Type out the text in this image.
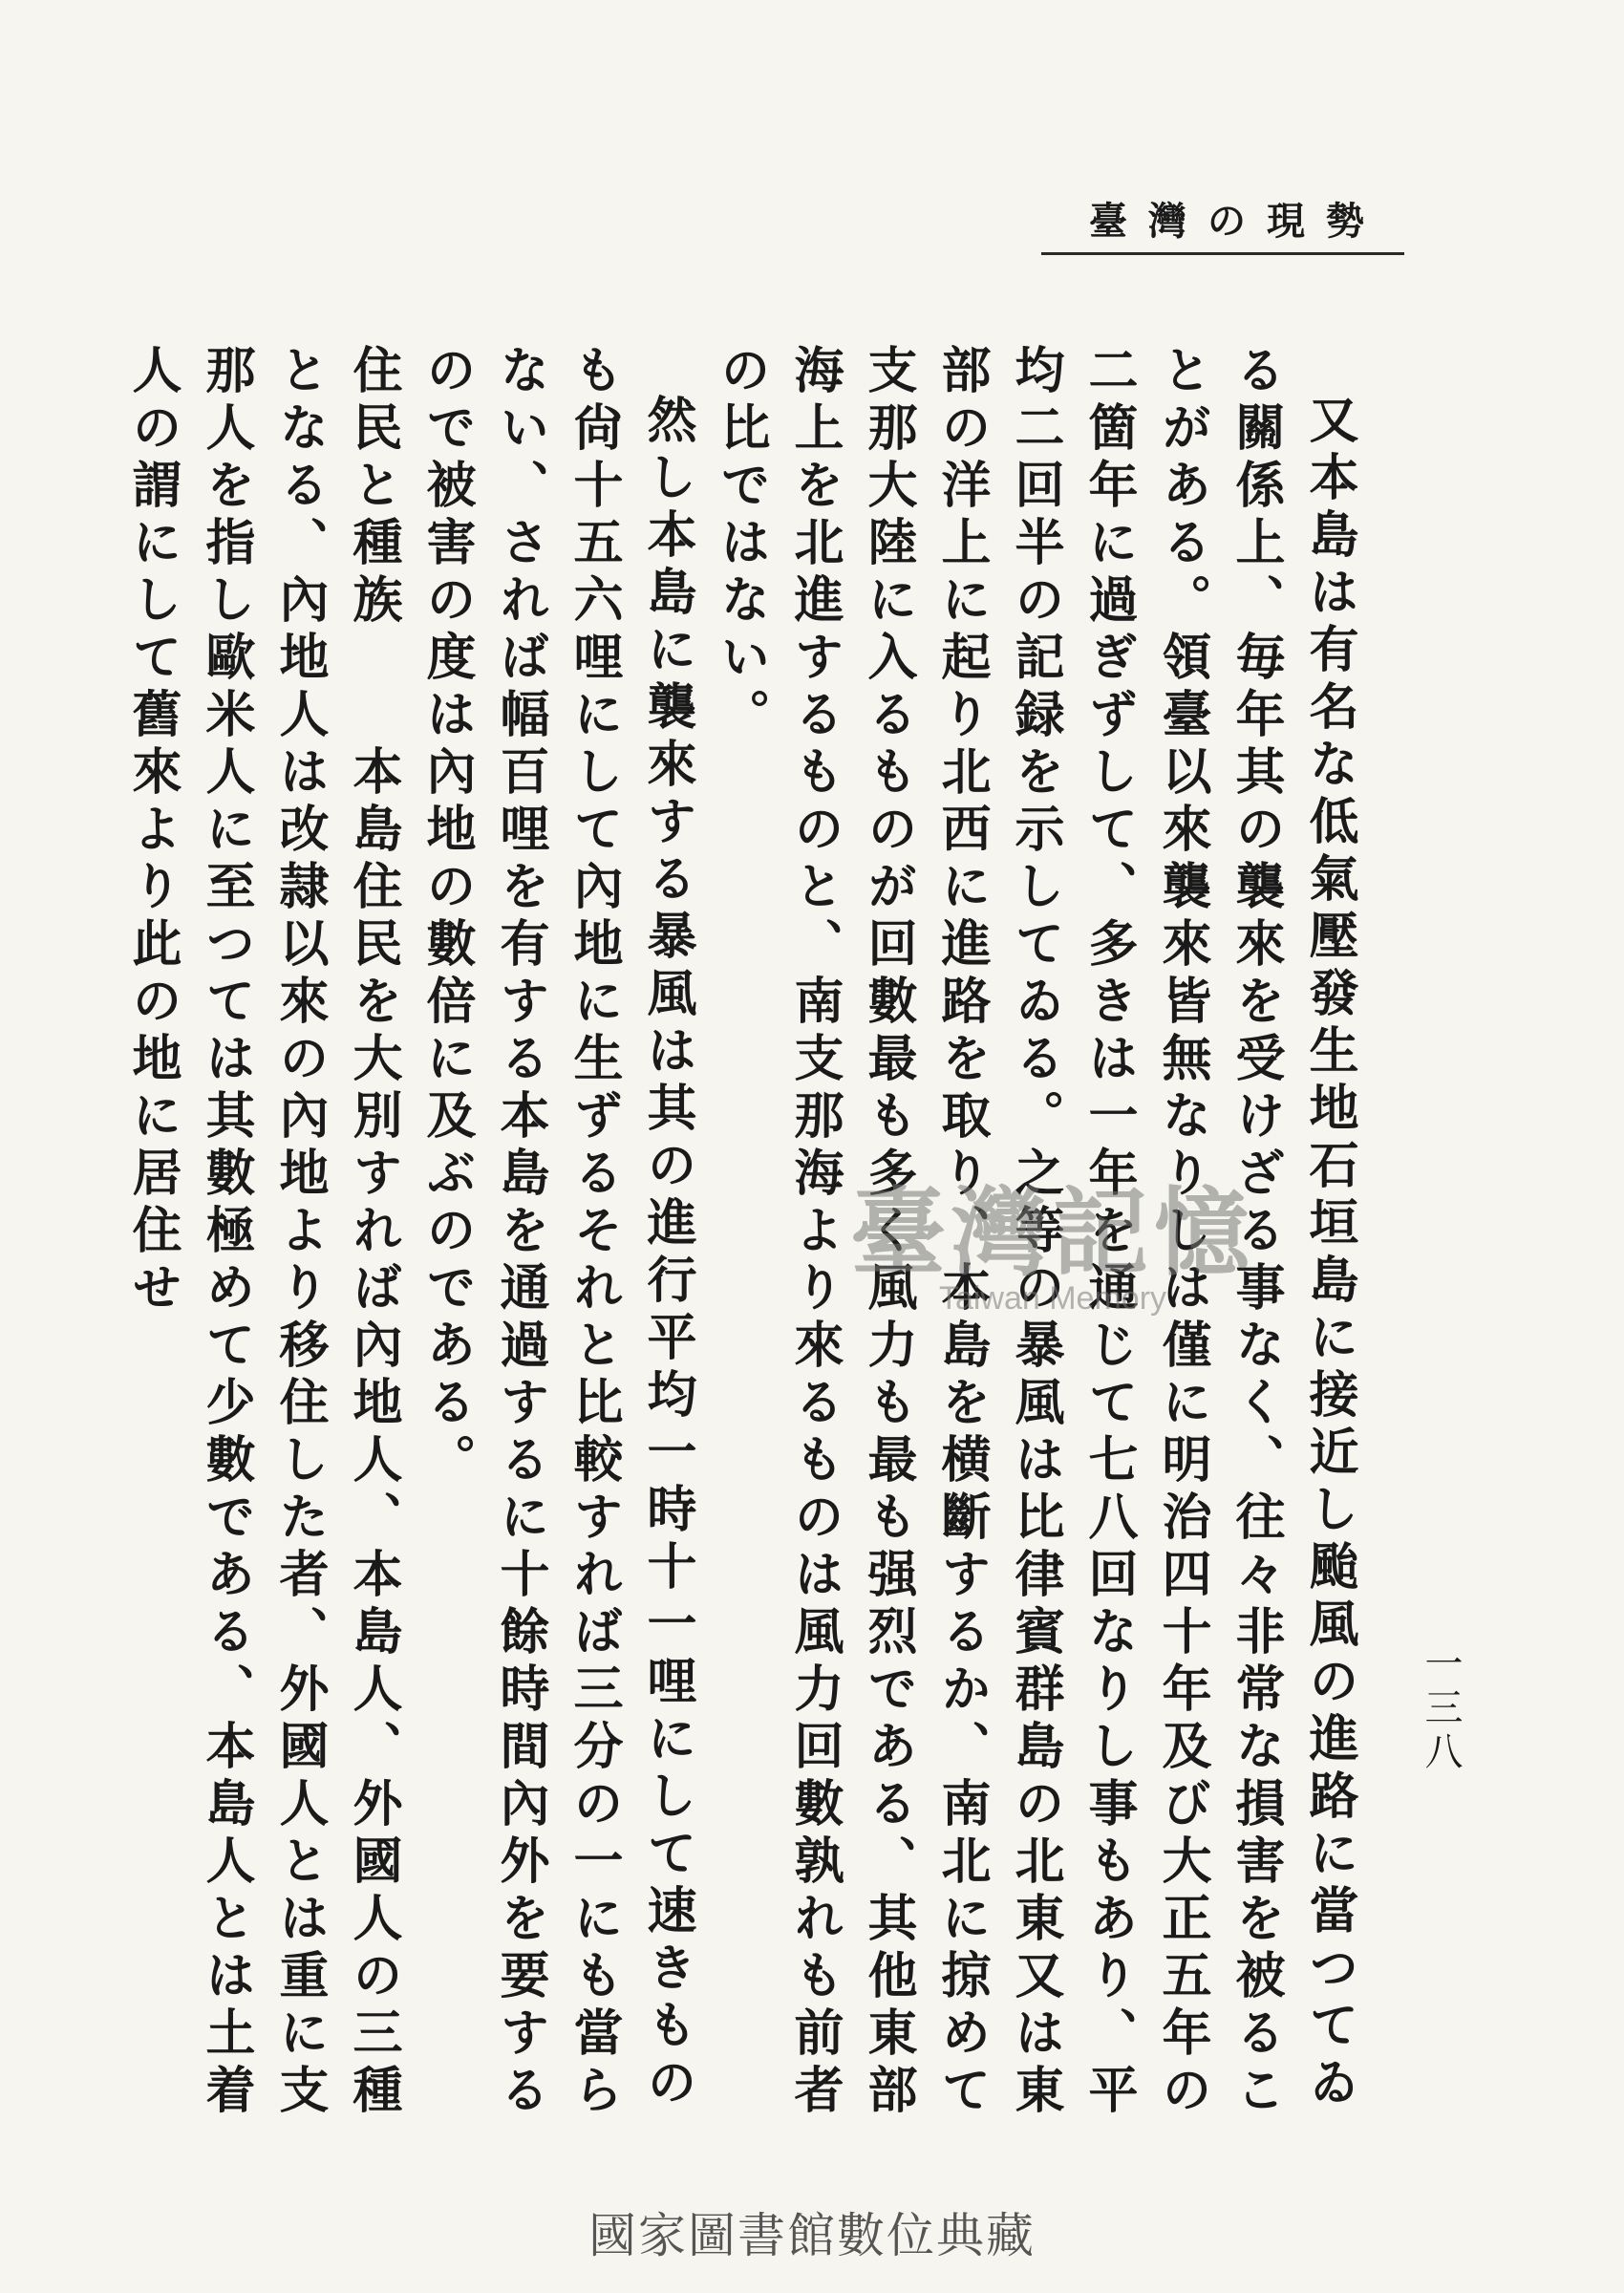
臺灣の現勢
一三八

又本島は有名な低氣壓發生地石垣島に接近し颱風の進路に當つてゐる關係上、毎年其の襲來を受けざる事なく、往々非常な損害を被ることがある。領臺以來襲來皆無なりしは僅に明治四十年及び大正五年の二箇年に過ぎずして、多きは一年を通じて七八回なりし事もあり、平均二回半の記録を示してゐる。之等の暴風は比律賓群島の北東又は東部の洋上に起り北西に進路を取り、本島を横斷するか、南北に掠めて支那大陸に入るものが回數最も多く風力も最も强烈である、其他東部海上を北進するものと、南支那海より來るものは風力回數孰れも前者の比ではない。

然し本島に襲來する暴風は其の進行平均一時十一哩にして速きものも尙十五六哩にして內地に生ずるそれと比較すれば三分の一にも當らない、されば幅百哩を有する本島を通過するに十餘時間內外を要するので被害の度は內地の數倍に及ぶのである。

住民と種族　　本島住民を大別すれば內地人、本島人、外國人の三種となる、內地人は改隷以來の內地より移住した者、外國人とは重に支那人を指し歐米人に至つては其數極めて少數である、本島人とは土着人の謂にして舊來より此の地に居住せ	臺灣記憶
Taiwan Memory
國家圖書館數位典藏
